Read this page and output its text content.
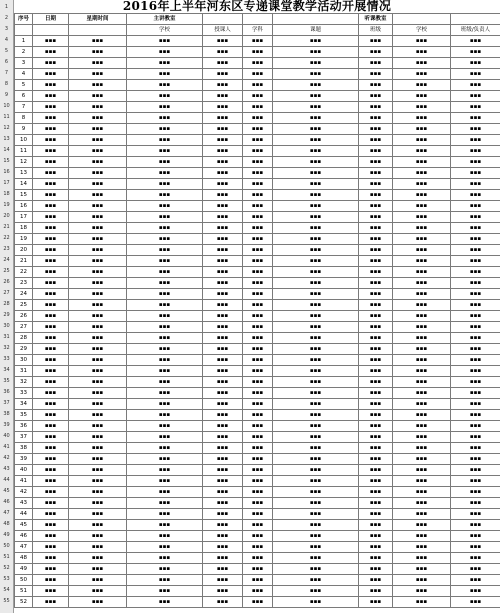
2016年上半年河东区专递课堂教学活动开展情况
1
2
3
4
5
6
7
8
9
10
11
12
13
14
15
16
17
18
19
20
21
22
23
24
25
26
27
28
29
30
31
32
33
34
35
36
37
38
39
40
41
42
43
44
45
46
47
48
49
50
51
52
53
54
55
序号	日期	星期时间	主讲教室				听课教室		
			学校	授课人	学科	课题	班级	学校	班级/负责人
1	▪▪▪	▪▪▪	▪▪▪	▪▪▪	▪▪▪	▪▪▪	▪▪▪	▪▪▪	▪▪▪
2	▪▪▪	▪▪▪	▪▪▪	▪▪▪	▪▪▪	▪▪▪	▪▪▪	▪▪▪	▪▪▪
3	▪▪▪	▪▪▪	▪▪▪	▪▪▪	▪▪▪	▪▪▪	▪▪▪	▪▪▪	▪▪▪
4	▪▪▪	▪▪▪	▪▪▪	▪▪▪	▪▪▪	▪▪▪	▪▪▪	▪▪▪	▪▪▪
5	▪▪▪	▪▪▪	▪▪▪	▪▪▪	▪▪▪	▪▪▪	▪▪▪	▪▪▪	▪▪▪
6	▪▪▪	▪▪▪	▪▪▪	▪▪▪	▪▪▪	▪▪▪	▪▪▪	▪▪▪	▪▪▪
7	▪▪▪	▪▪▪	▪▪▪	▪▪▪	▪▪▪	▪▪▪	▪▪▪	▪▪▪	▪▪▪
8	▪▪▪	▪▪▪	▪▪▪	▪▪▪	▪▪▪	▪▪▪	▪▪▪	▪▪▪	▪▪▪
9	▪▪▪	▪▪▪	▪▪▪	▪▪▪	▪▪▪	▪▪▪	▪▪▪	▪▪▪	▪▪▪
10	▪▪▪	▪▪▪	▪▪▪	▪▪▪	▪▪▪	▪▪▪	▪▪▪	▪▪▪	▪▪▪
11	▪▪▪	▪▪▪	▪▪▪	▪▪▪	▪▪▪	▪▪▪	▪▪▪	▪▪▪	▪▪▪
12	▪▪▪	▪▪▪	▪▪▪	▪▪▪	▪▪▪	▪▪▪	▪▪▪	▪▪▪	▪▪▪
13	▪▪▪	▪▪▪	▪▪▪	▪▪▪	▪▪▪	▪▪▪	▪▪▪	▪▪▪	▪▪▪
14	▪▪▪	▪▪▪	▪▪▪	▪▪▪	▪▪▪	▪▪▪	▪▪▪	▪▪▪	▪▪▪
15	▪▪▪	▪▪▪	▪▪▪	▪▪▪	▪▪▪	▪▪▪	▪▪▪	▪▪▪	▪▪▪
16	▪▪▪	▪▪▪	▪▪▪	▪▪▪	▪▪▪	▪▪▪	▪▪▪	▪▪▪	▪▪▪
17	▪▪▪	▪▪▪	▪▪▪	▪▪▪	▪▪▪	▪▪▪	▪▪▪	▪▪▪	▪▪▪
18	▪▪▪	▪▪▪	▪▪▪	▪▪▪	▪▪▪	▪▪▪	▪▪▪	▪▪▪	▪▪▪
19	▪▪▪	▪▪▪	▪▪▪	▪▪▪	▪▪▪	▪▪▪	▪▪▪	▪▪▪	▪▪▪
20	▪▪▪	▪▪▪	▪▪▪	▪▪▪	▪▪▪	▪▪▪	▪▪▪	▪▪▪	▪▪▪
21	▪▪▪	▪▪▪	▪▪▪	▪▪▪	▪▪▪	▪▪▪	▪▪▪	▪▪▪	▪▪▪
22	▪▪▪	▪▪▪	▪▪▪	▪▪▪	▪▪▪	▪▪▪	▪▪▪	▪▪▪	▪▪▪
23	▪▪▪	▪▪▪	▪▪▪	▪▪▪	▪▪▪	▪▪▪	▪▪▪	▪▪▪	▪▪▪
24	▪▪▪	▪▪▪	▪▪▪	▪▪▪	▪▪▪	▪▪▪	▪▪▪	▪▪▪	▪▪▪
25	▪▪▪	▪▪▪	▪▪▪	▪▪▪	▪▪▪	▪▪▪	▪▪▪	▪▪▪	▪▪▪
26	▪▪▪	▪▪▪	▪▪▪	▪▪▪	▪▪▪	▪▪▪	▪▪▪	▪▪▪	▪▪▪
27	▪▪▪	▪▪▪	▪▪▪	▪▪▪	▪▪▪	▪▪▪	▪▪▪	▪▪▪	▪▪▪
28	▪▪▪	▪▪▪	▪▪▪	▪▪▪	▪▪▪	▪▪▪	▪▪▪	▪▪▪	▪▪▪
29	▪▪▪	▪▪▪	▪▪▪	▪▪▪	▪▪▪	▪▪▪	▪▪▪	▪▪▪	▪▪▪
30	▪▪▪	▪▪▪	▪▪▪	▪▪▪	▪▪▪	▪▪▪	▪▪▪	▪▪▪	▪▪▪
31	▪▪▪	▪▪▪	▪▪▪	▪▪▪	▪▪▪	▪▪▪	▪▪▪	▪▪▪	▪▪▪
32	▪▪▪	▪▪▪	▪▪▪	▪▪▪	▪▪▪	▪▪▪	▪▪▪	▪▪▪	▪▪▪
33	▪▪▪	▪▪▪	▪▪▪	▪▪▪	▪▪▪	▪▪▪	▪▪▪	▪▪▪	▪▪▪
34	▪▪▪	▪▪▪	▪▪▪	▪▪▪	▪▪▪	▪▪▪	▪▪▪	▪▪▪	▪▪▪
35	▪▪▪	▪▪▪	▪▪▪	▪▪▪	▪▪▪	▪▪▪	▪▪▪	▪▪▪	▪▪▪
36	▪▪▪	▪▪▪	▪▪▪	▪▪▪	▪▪▪	▪▪▪	▪▪▪	▪▪▪	▪▪▪
37	▪▪▪	▪▪▪	▪▪▪	▪▪▪	▪▪▪	▪▪▪	▪▪▪	▪▪▪	▪▪▪
38	▪▪▪	▪▪▪	▪▪▪	▪▪▪	▪▪▪	▪▪▪	▪▪▪	▪▪▪	▪▪▪
39	▪▪▪	▪▪▪	▪▪▪	▪▪▪	▪▪▪	▪▪▪	▪▪▪	▪▪▪	▪▪▪
40	▪▪▪	▪▪▪	▪▪▪	▪▪▪	▪▪▪	▪▪▪	▪▪▪	▪▪▪	▪▪▪
41	▪▪▪	▪▪▪	▪▪▪	▪▪▪	▪▪▪	▪▪▪	▪▪▪	▪▪▪	▪▪▪
42	▪▪▪	▪▪▪	▪▪▪	▪▪▪	▪▪▪	▪▪▪	▪▪▪	▪▪▪	▪▪▪
43	▪▪▪	▪▪▪	▪▪▪	▪▪▪	▪▪▪	▪▪▪	▪▪▪	▪▪▪	▪▪▪
44	▪▪▪	▪▪▪	▪▪▪	▪▪▪	▪▪▪	▪▪▪	▪▪▪	▪▪▪	▪▪▪
45	▪▪▪	▪▪▪	▪▪▪	▪▪▪	▪▪▪	▪▪▪	▪▪▪	▪▪▪	▪▪▪
46	▪▪▪	▪▪▪	▪▪▪	▪▪▪	▪▪▪	▪▪▪	▪▪▪	▪▪▪	▪▪▪
47	▪▪▪	▪▪▪	▪▪▪	▪▪▪	▪▪▪	▪▪▪	▪▪▪	▪▪▪	▪▪▪
48	▪▪▪	▪▪▪	▪▪▪	▪▪▪	▪▪▪	▪▪▪	▪▪▪	▪▪▪	▪▪▪
49	▪▪▪	▪▪▪	▪▪▪	▪▪▪	▪▪▪	▪▪▪	▪▪▪	▪▪▪	▪▪▪
50	▪▪▪	▪▪▪	▪▪▪	▪▪▪	▪▪▪	▪▪▪	▪▪▪	▪▪▪	▪▪▪
51	▪▪▪	▪▪▪	▪▪▪	▪▪▪	▪▪▪	▪▪▪	▪▪▪	▪▪▪	▪▪▪
52	▪▪▪	▪▪▪	▪▪▪	▪▪▪	▪▪▪	▪▪▪	▪▪▪	▪▪▪	▪▪▪
